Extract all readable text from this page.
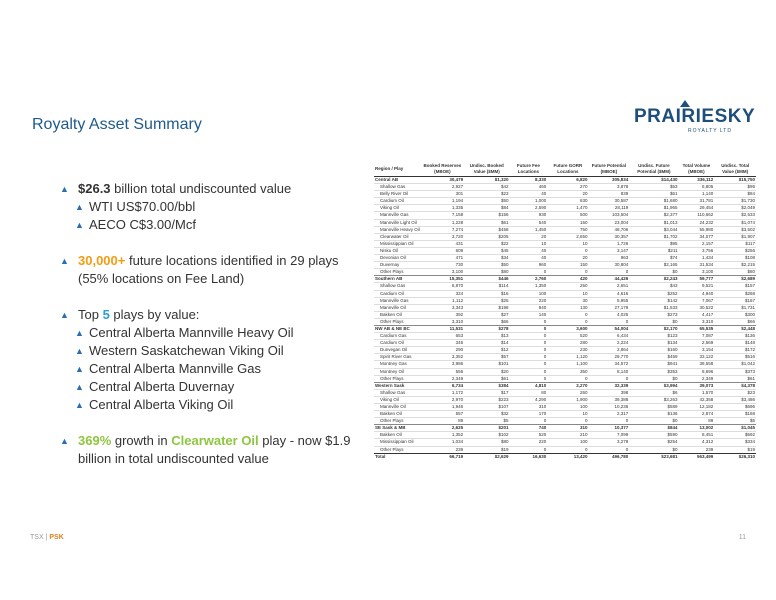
Royalty Asset Summary	PRAIRIESKY
ROYALTY LTD
▲ $26.3 billion total undiscounted value
▲ WTI US$70.00/bbl
▲ AECO C$3.00/Mcf
▲ 30,000+ future locations identified in 29 plays (55% locations on Fee Land)
▲ Top 5 plays by value:
▲ Central Alberta Mannville Heavy Oil
▲ Western Saskatchewan Viking Oil
▲ Central Alberta Mannville Gas
▲ Central Alberta Duvernay
▲ Central Alberta Viking Oil
▲ 369% growth in Clearwater Oil play - now $1.9 billion in total undiscounted value
Region / Play	Booked Reserves (MBOE)	Undisc. Booked Value ($MM)	Future Fee Locations	Future GORR Locations	Future Potential (MBOE)	Undisc. Future Potential ($MM)	Total Volume (MBOE)	Undisc. Total Value ($MM)
Central AB	30,479	$1,320	8,330	6,820	305,834	$14,430	336,112	$15,750
Shallow Gas	2,927	$42	460	270	3,878	$53	6,805	$95
Belly River Oil	301	$23	40	20	839	$61	1,140	$84
Cardium Oil	1,194	$50	1,000	630	30,587	$1,680	31,781	$1,730
Viking Oil	1,335	$84	2,590	1,470	28,119	$1,965	29,454	$2,049
Mannville Gas	7,158	$156	930	500	103,504	$2,377	110,662	$2,533
Mannville Light Oil	1,228	$61	540	150	23,004	$1,013	24,232	$1,074
Mannville Heavy Oil	7,274	$458	1,450	750	48,706	$3,044	55,980	$3,502
Clearwater Oil	3,720	$205	20	2,650	30,357	$1,702	34,077	$1,907
Mississippian Oil	431	$22	10	10	1,726	$95	2,157	$117
Nisku Oil	609	$45	40	0	3,147	$211	3,756	$256
Devonian Oil	471	$34	40	20	963	$74	1,434	$108
Duvernay	730	$50	960	150	30,804	$2,165	31,534	$2,215
Other Plays	3,100	$80	0	0	0	$0	3,100	$80
Southern AB	15,351	$446	2,760	420	44,426	$2,243	59,777	$2,689
Shallow Gas	6,870	$114	1,350	250	2,651	$43	9,521	$157
Cardium Oil	324	$16	100	10	4,616	$252	4,940	$268
Mannville Gas	1,112	$25	220	30	5,955	$142	7,067	$167
Mannville Oil	3,343	$198	940	130	27,179	$1,533	30,522	$1,731
Bakken Oil	392	$27	140	0	4,025	$273	4,417	$300
Other Plays	3,310	$66	0	0	0	$0	3,310	$66
NW AB & NE BC	11,531	$278	0	3,600	54,004	$2,170	65,535	$2,448
Cardium Gas	653	$13	0	520	6,434	$123	7,087	$136
Cardium Oil	345	$14	0	280	2,224	$134	2,569	$148
Dunvegan Oil	290	$12	0	230	2,864	$160	3,154	$172
Spirit River Gas	3,352	$57	0	1,120	29,770	$459	33,122	$516
Montney Gas	3,986	$101	0	1,100	34,572	$941	38,558	$1,042
Montney Oil	556	$20	0	350	8,140	$353	8,696	$373
Other Plays	2,349	$61	0	0	0	$0	2,349	$61
Western Sask	6,734	$384	4,810	2,270	32,339	$3,994	39,073	$4,378
Shallow Gas	1,172	$17	80	260	398	$6	1,570	$23
Viking Oil	2,970	$223	4,290	1,900	39,388	$3,263	42,358	$3,486
Mannville Oil	1,946	$107	310	100	10,236	$589	12,182	$696
Bakken Oil	557	$32	170	10	2,317	$136	2,874	$168
Other Plays	89	$5	0	0	0	$0	89	$5
SE Sask & MB	2,625	$201	740	310	10,377	$844	13,002	$1,045
Bakken Oil	1,352	$102	520	210	7,099	$590	8,451	$692
Mississippian Oil	1,034	$80	220	100	3,278	$254	4,312	$334
Other Plays	239	$19	0	0	0	$0	239	$19
Total	66,719	$2,629	16,630	13,420	496,780	$23,681	563,499	$26,310
TSX | PSK	11
